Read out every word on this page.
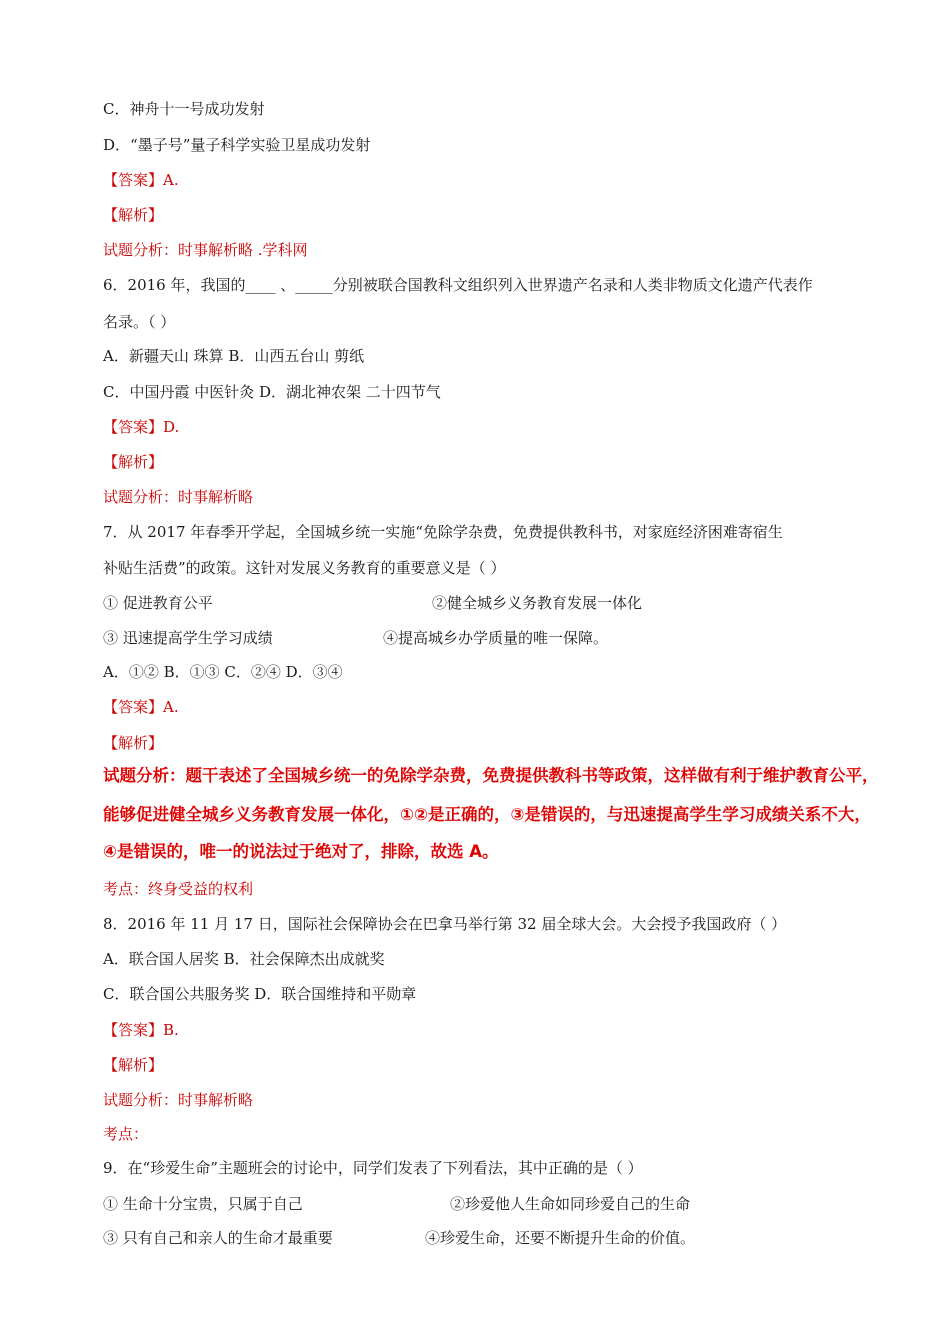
C．神舟十一号成功发射
D．“墨子号”量子科学实验卫星成功发射
【答案】A.
【解析】
试题分析：时事解析略 .学科网
6．2016 年，我国的____ 、_____分别被联合国教科文组织列入世界遗产名录和人类非物质文化遗产代表作
名录。（ ）
A．新疆天山 珠算 B．山西五台山 剪纸
C．中国丹霞 中医针灸 D．湖北神农架 二十四节气
【答案】D.
【解析】
试题分析：时事解析略
7．从 2017 年春季开学起，全国城乡统一实施“免除学杂费，免费提供教科书，对家庭经济困难寄宿生
补贴生活费”的政策。这针对发展义务教育的重要意义是（ ）
① 促进教育公平	②健全城乡义务教育发展一体化
③ 迅速提高学生学习成绩	④提高城乡办学质量的唯一保障。
A．①② B．①③ C．②④ D．③④
【答案】A.
【解析】
试题分析：题干表述了全国城乡统一的免除学杂费，免费提供教科书等政策，这样做有利于维护教育公平，
能够促进健全城乡义务教育发展一体化，①②是正确的，③是错误的，与迅速提高学生学习成绩关系不大，
④是错误的，唯一的说法过于绝对了，排除，故选 A。
考点：终身受益的权利
8．2016 年 11 月 17 日，国际社会保障协会在巴拿马举行第 32 届全球大会。大会授予我国政府（ ）
A．联合国人居奖 B．社会保障杰出成就奖
C．联合国公共服务奖 D．联合国维持和平勋章
【答案】B.
【解析】
试题分析：时事解析略
考点：
9．在“珍爱生命”主题班会的讨论中，同学们发表了下列看法，其中正确的是（ ）
① 生命十分宝贵，只属于自己	②珍爱他人生命如同珍爱自己的生命
③ 只有自己和亲人的生命才最重要	④珍爱生命，还要不断提升生命的价值。
